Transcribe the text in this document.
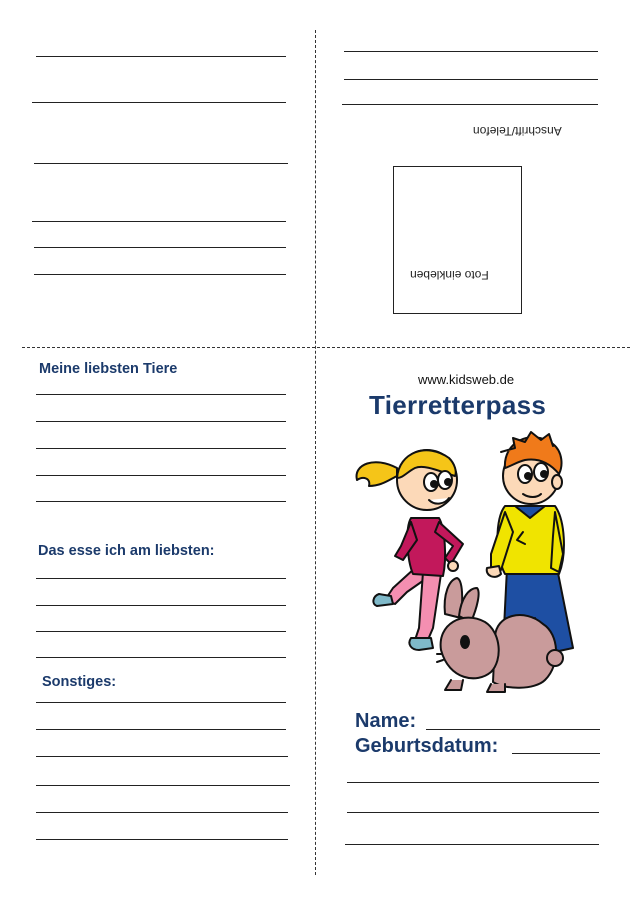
Anschrift/Telefon
Foto einkleben
Meine liebsten Tiere
Das esse ich am liebsten:
Sonstiges:
www.kidsweb.de
Tierretterpass
Name:
Geburtsdatum:
